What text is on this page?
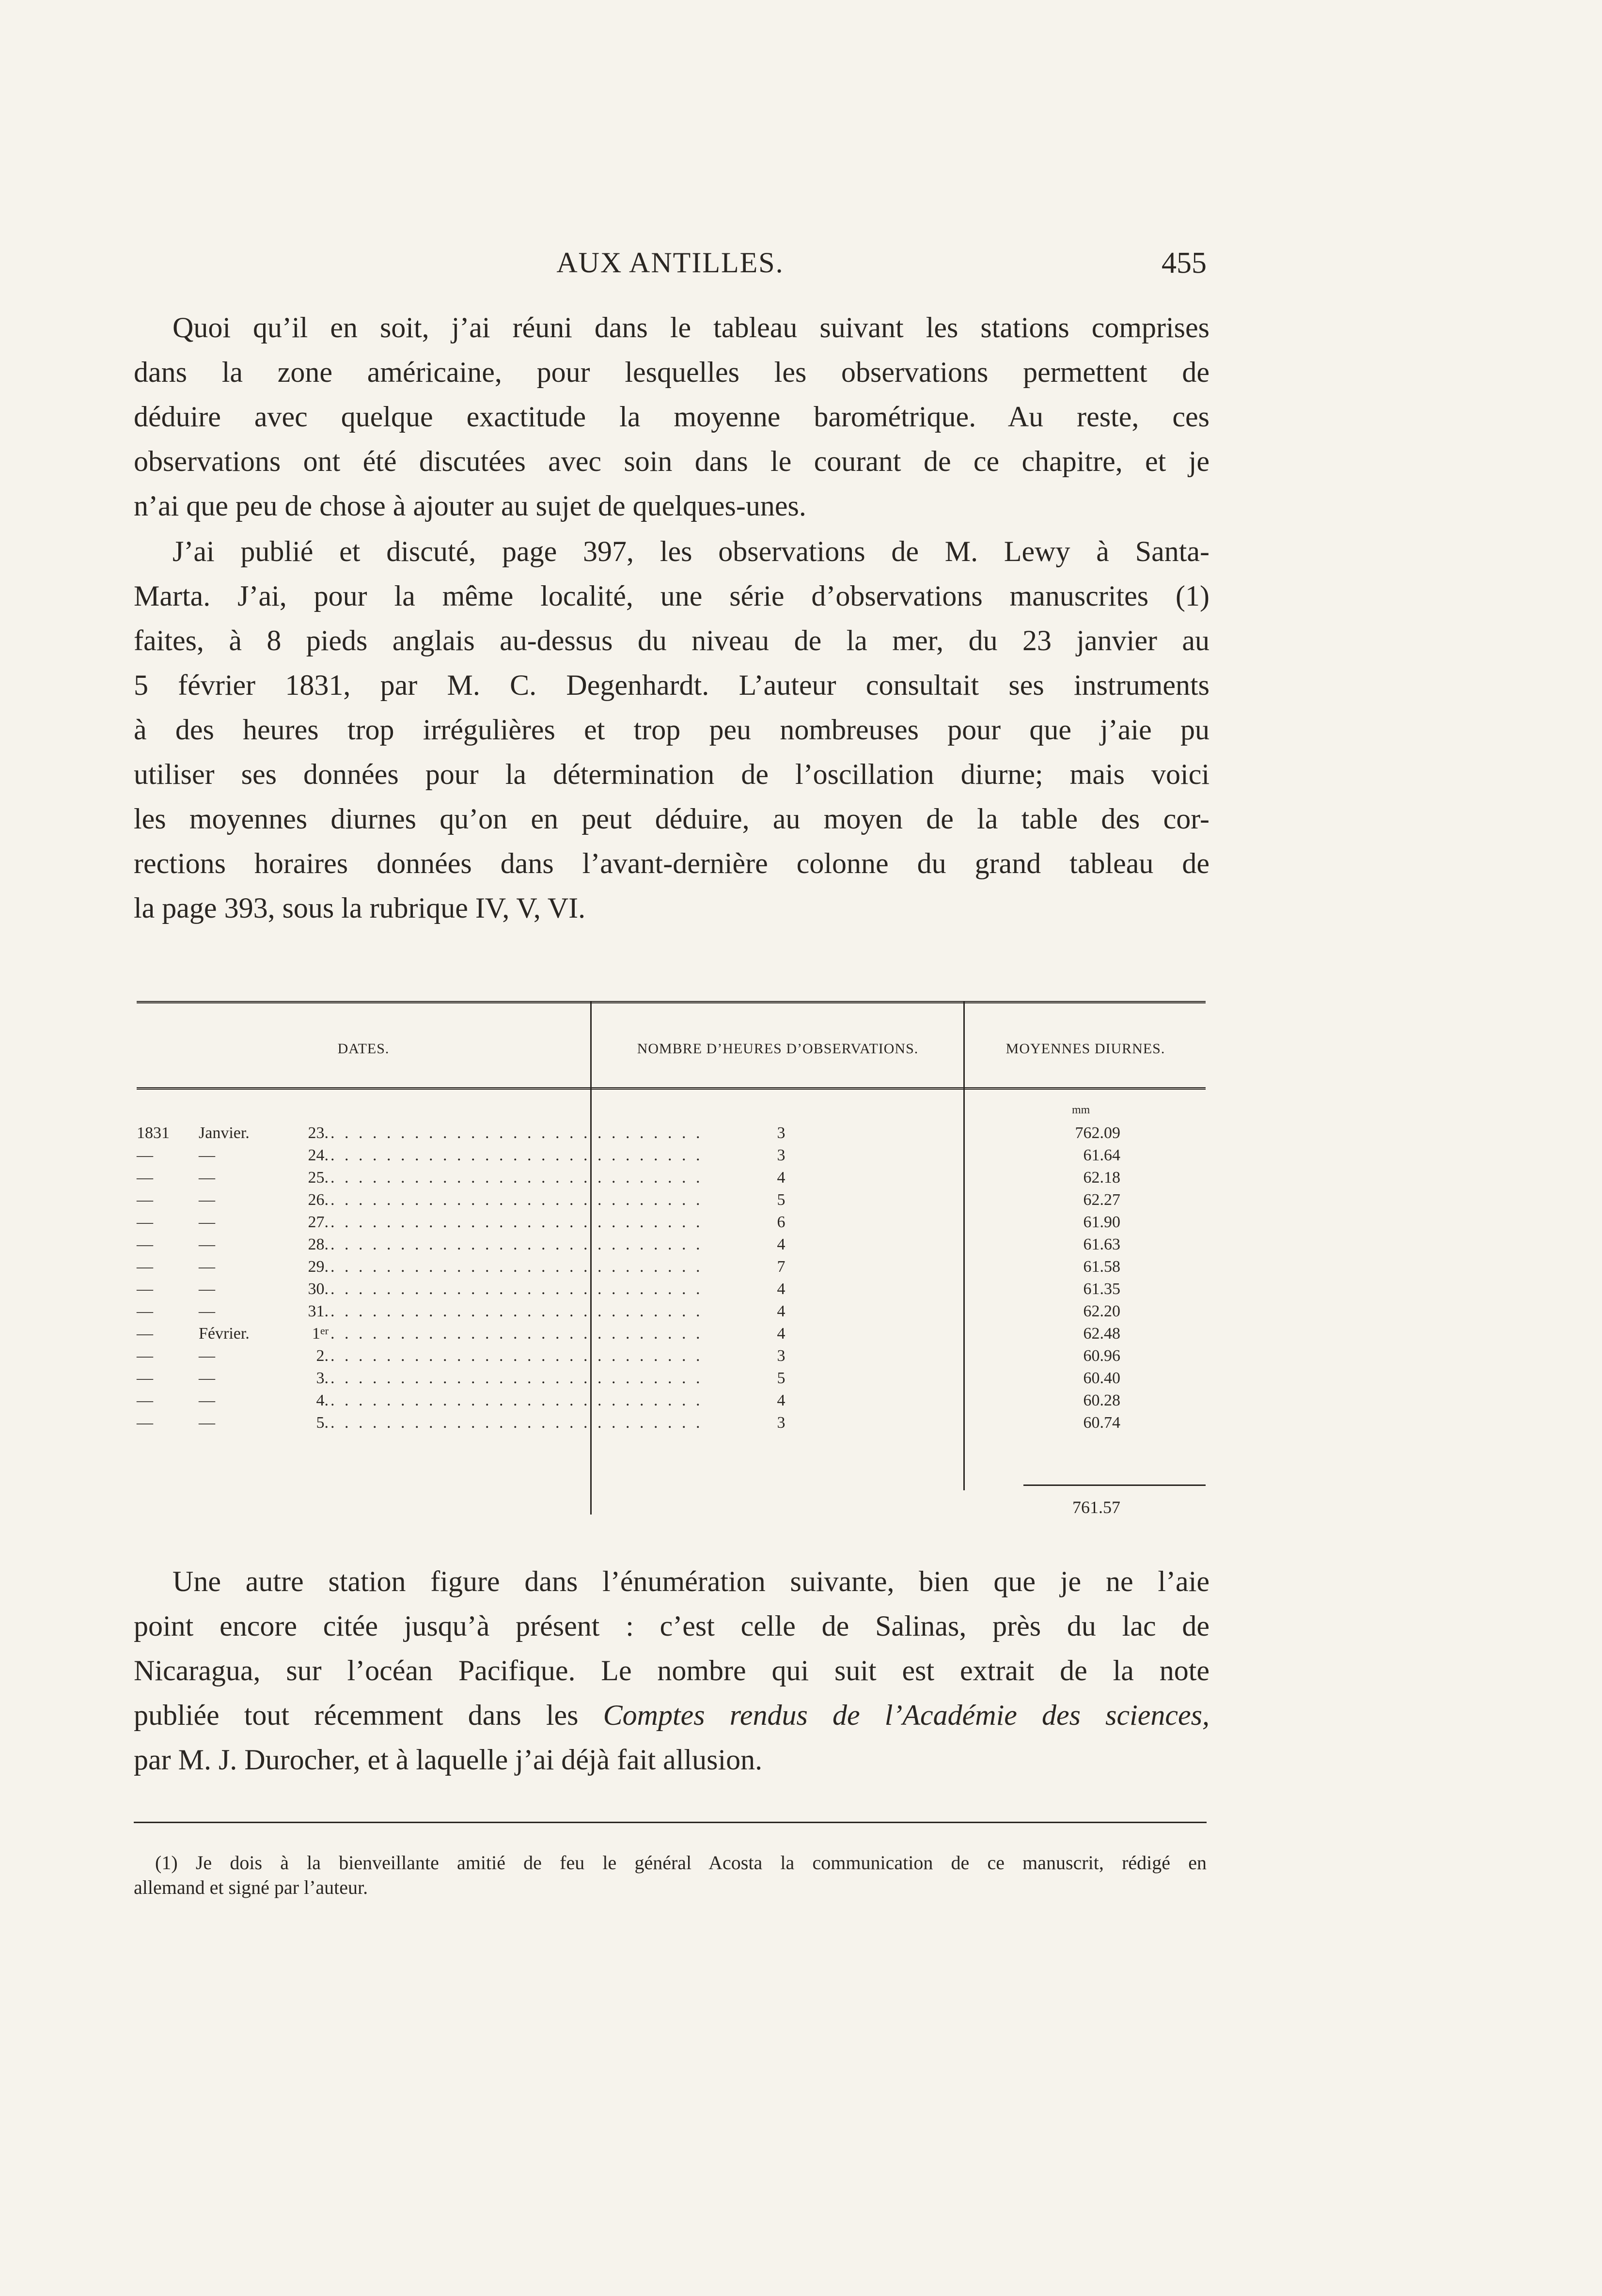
AUX ANTILLES.	455
Quoi qu’il en soit, j’ai réuni dans le tableau suivant les stations comprises
dans la zone américaine, pour lesquelles les observations permettent de
déduire avec quelque exactitude la moyenne barométrique. Au reste, ces
observations ont été discutées avec soin dans le courant de ce chapitre, et je
n’ai que peu de chose à ajouter au sujet de quelques-unes.
J’ai publié et discuté, page 397, les observations de M. Lewy à Santa-
Marta. J’ai, pour la même localité, une série d’observations manuscrites (1)
faites, à 8 pieds anglais au-dessus du niveau de la mer, du 23 janvier au
5 février 1831, par M. C. Degenhardt. L’auteur consultait ses instruments
à des heures trop irrégulières et trop peu nombreuses pour que j’aie pu
utiliser ses données pour la détermination de l’oscillation diurne; mais voici
les moyennes diurnes qu’on en peut déduire, au moyen de la table des cor-
rections horaires données dans l’avant-dernière colonne du grand tableau de
la page 393, sous la rubrique IV, V, VI.
DATES.	NOMBRE D’HEURES D’OBSERVATIONS.	MOYENNES DIURNES.
mm
1831	Janvier.	23. . . . . . . . . . . . . . . . . . . . . . . . . . . .	3	762.09
—	—	24. . . . . . . . . . . . . . . . . . . . . . . . . . . .	3	61.64
—	—	25. . . . . . . . . . . . . . . . . . . . . . . . . . . .	4	62.18
—	—	26. . . . . . . . . . . . . . . . . . . . . . . . . . . .	5	62.27
—	—	27. . . . . . . . . . . . . . . . . . . . . . . . . . . .	6	61.90
—	—	28. . . . . . . . . . . . . . . . . . . . . . . . . . . .	4	61.63
—	—	29. . . . . . . . . . . . . . . . . . . . . . . . . . . .	7	61.58
—	—	30. . . . . . . . . . . . . . . . . . . . . . . . . . . .	4	61.35
—	—	31. . . . . . . . . . . . . . . . . . . . . . . . . . . .	4	62.20
—	Février.	1er . . . . . . . . . . . . . . . . . . . . . . . . . . .	4	62.48
—	—	2. . . . . . . . . . . . . . . . . . . . . . . . . . . .	3	60.96
—	—	3. . . . . . . . . . . . . . . . . . . . . . . . . . . .	5	60.40
—	—	4. . . . . . . . . . . . . . . . . . . . . . . . . . . .	4	60.28
—	—	5. . . . . . . . . . . . . . . . . . . . . . . . . . . .	3	60.74
761.57
Une autre station figure dans l’énumération suivante, bien que je ne l’aie
point encore citée jusqu’à présent : c’est celle de Salinas, près du lac de
Nicaragua, sur l’océan Pacifique. Le nombre qui suit est extrait de la note
publiée tout récemment dans les Comptes rendus de l’Académie des sciences,
par M. J. Durocher, et à laquelle j’ai déjà fait allusion.
(1) Je dois à la bienveillante amitié de feu le général Acosta la communication de ce manuscrit, rédigé en
allemand et signé par l’auteur.
